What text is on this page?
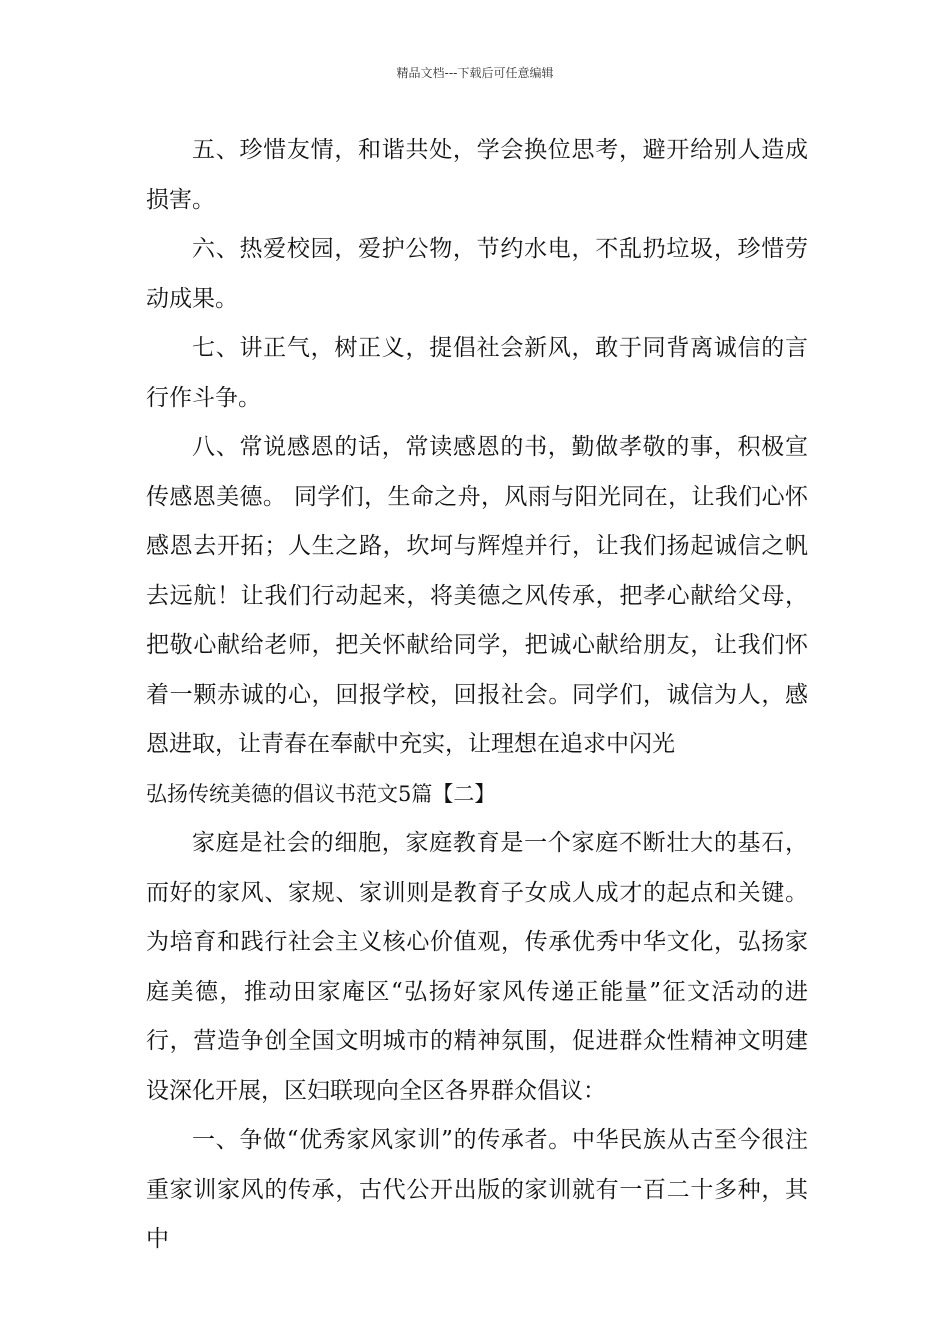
精品文档---下载后可任意编辑

五、珍惜友情，和谐共处，学会换位思考，避开给别人造成损害。

六、热爱校园，爱护公物，节约水电，不乱扔垃圾，珍惜劳动成果。

七、讲正气，树正义，提倡社会新风，敢于同背离诚信的言行作斗争。

八、常说感恩的话，常读感恩的书，勤做孝敬的事，积极宣传感恩美德。 同学们，生命之舟，风雨与阳光同在，让我们心怀感恩去开拓；人生之路，坎坷与辉煌并行，让我们扬起诚信之帆去远航！让我们行动起来，将美德之风传承，把孝心献给父母，把敬心献给老师，把关怀献给同学，把诚心献给朋友，让我们怀着一颗赤诚的心，回报学校，回报社会。同学们，诚信为人，感恩进取，让青春在奉献中充实，让理想在追求中闪光

弘扬传统美德的倡议书范文5篇【二】

家庭是社会的细胞，家庭教育是一个家庭不断壮大的基石，而好的家风、家规、家训则是教育子女成人成才的起点和关键。为培育和践行社会主义核心价值观，传承优秀中华文化，弘扬家庭美德，推动田家庵区“弘扬好家风传递正能量”征文活动的进行，营造争创全国文明城市的精神氛围，促进群众性精神文明建设深化开展，区妇联现向全区各界群众倡议：

一、争做“优秀家风家训”的传承者。中华民族从古至今很注重家训家风的传承，古代公开出版的家训就有一百二十多种，其中
